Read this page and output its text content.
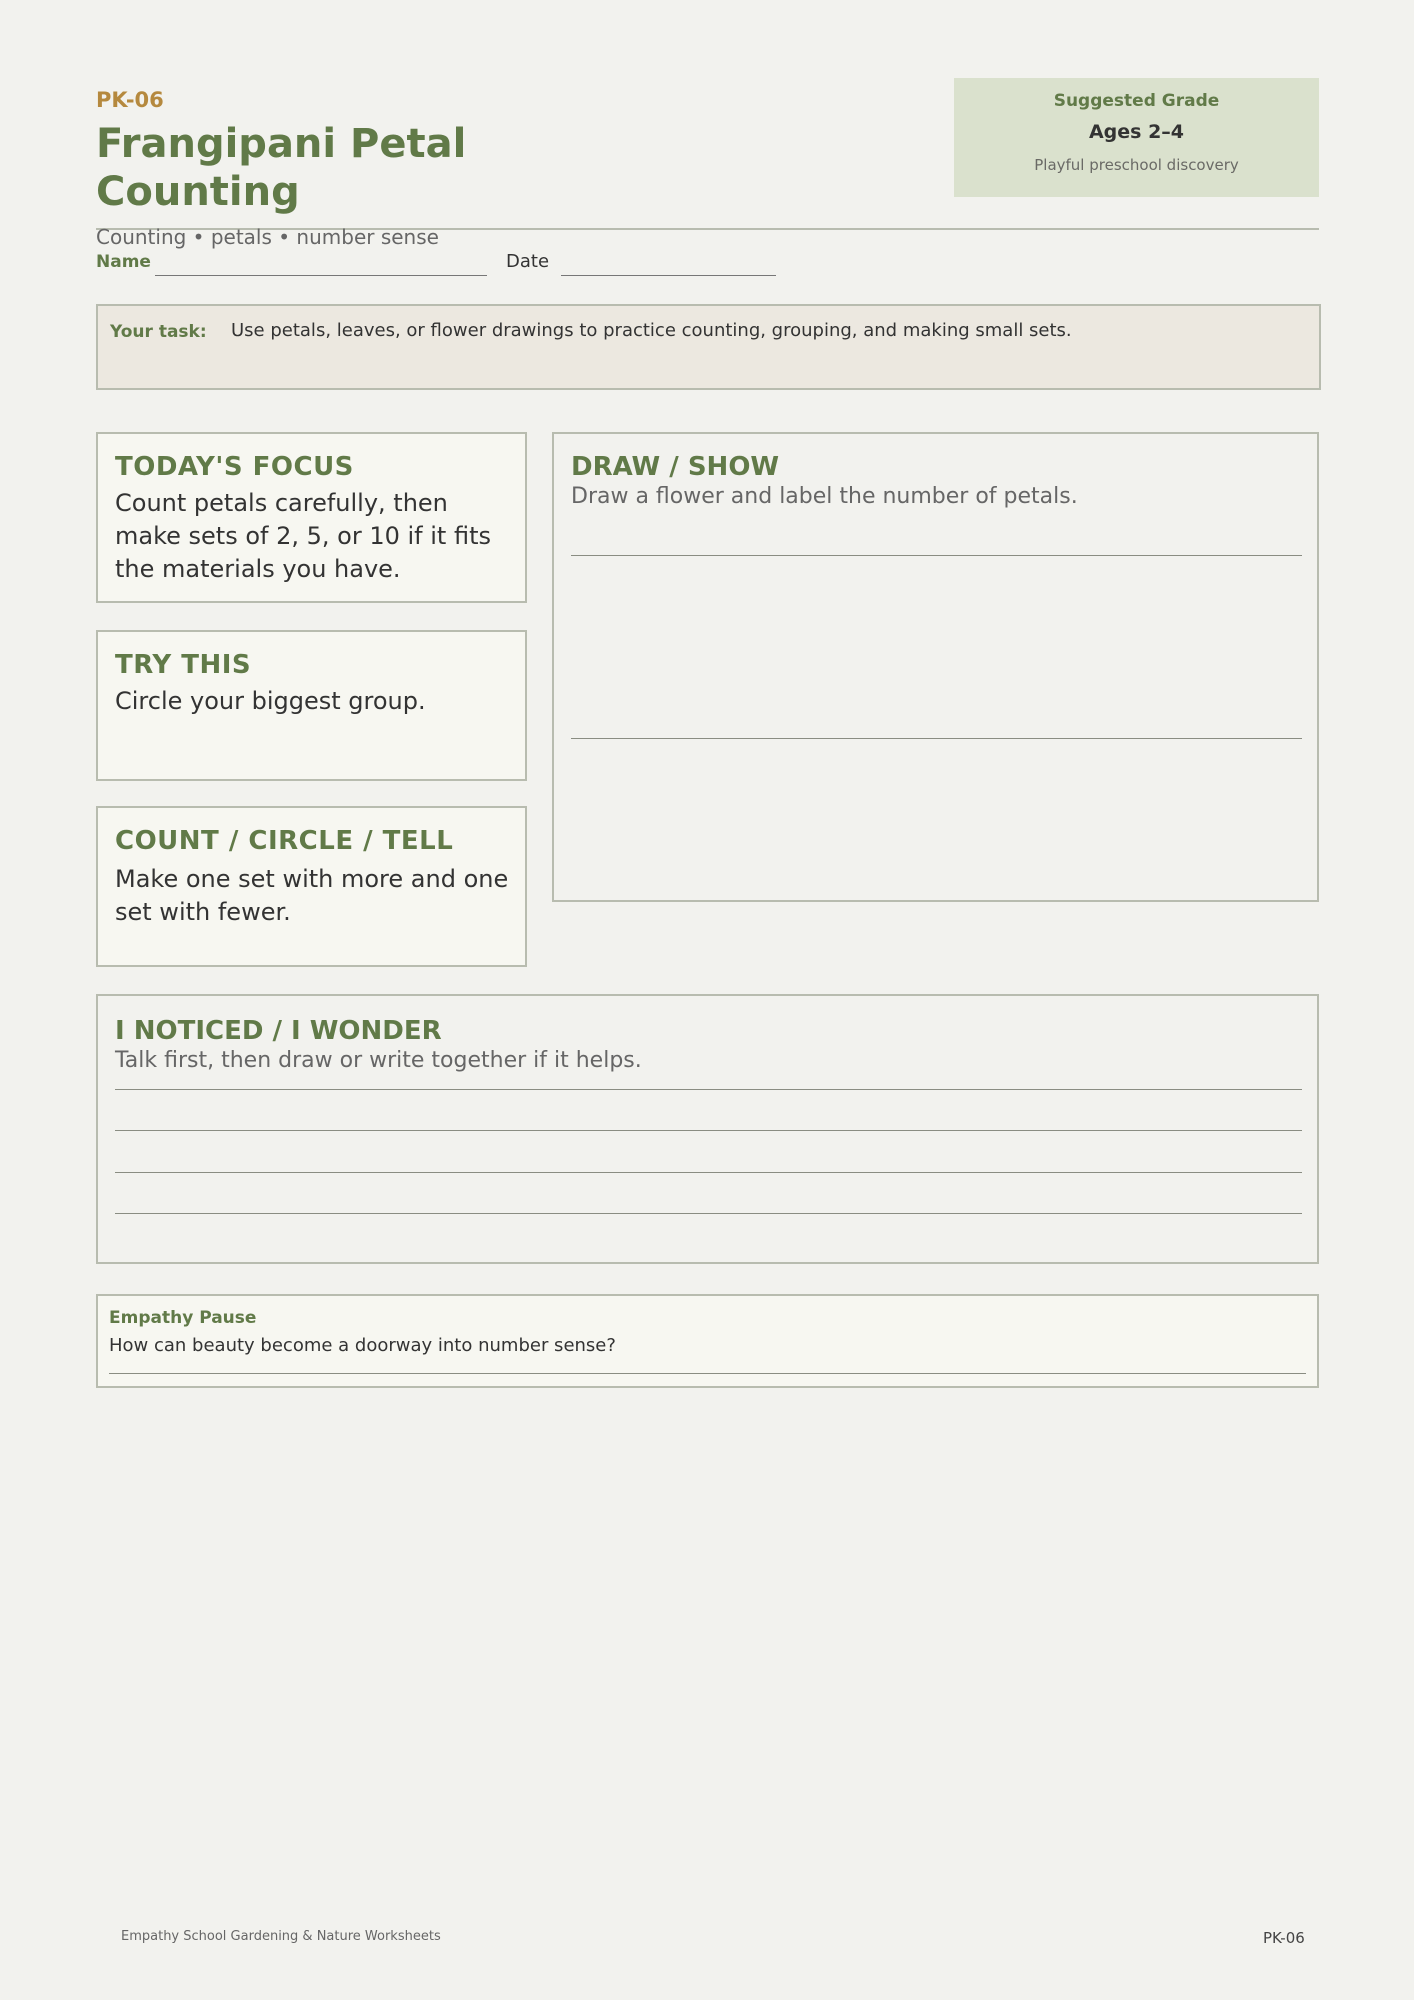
PK-06
Frangipani Petal Counting
Suggested Grade
Ages 2–4
Playful preschool discovery
Counting • petals • number sense
Name	Date
Your task: Use petals, leaves, or flower drawings to practice counting, grouping, and making small sets.
TODAY'S FOCUS
Count petals carefully, then make sets of 2, 5, or 10 if it fits the materials you have.
TRY THIS
Circle your biggest group.
COUNT / CIRCLE / TELL
Make one set with more and one set with fewer.
DRAW / SHOW
Draw a flower and label the number of petals.
I NOTICED / I WONDER
Talk first, then draw or write together if it helps.
Empathy Pause
How can beauty become a doorway into number sense?
Empathy School Gardening & Nature Worksheets	PK-06
